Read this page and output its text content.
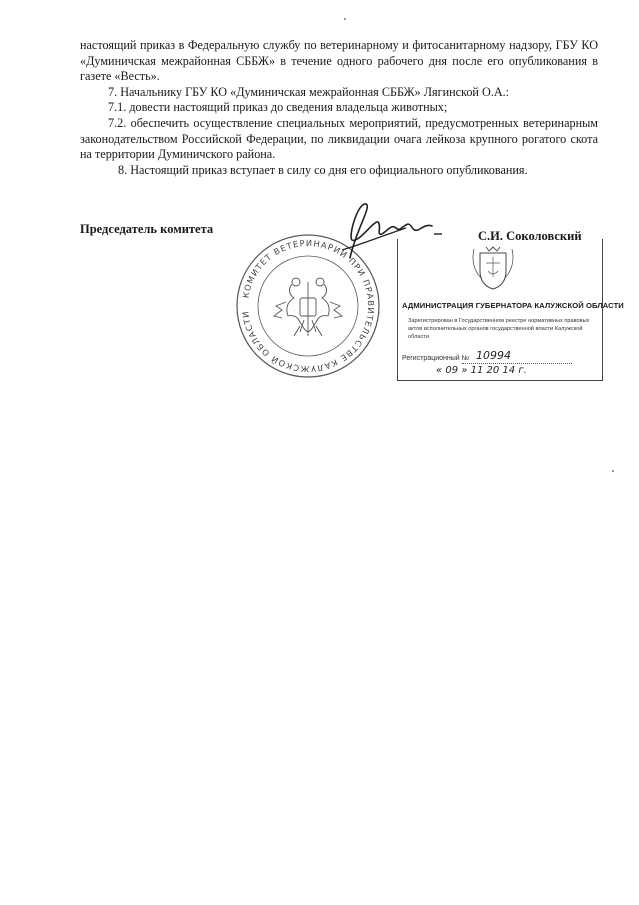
настоящий приказ в Федеральную службу по ветеринарному и фитосанитарному надзору, ГБУ КО «Думиничская межрайонная СББЖ» в течение одного рабочего дня после его опубликования в газете «Весть».

7. Начальнику ГБУ КО «Думиничская межрайонная СББЖ» Лягинской О.А.:

7.1. довести настоящий приказ до сведения владельца животных;

7.2. обеспечить осуществление специальных мероприятий, предусмотренных ветеринарным законодательством Российской Федерации, по ликвидации очага лейкоза крупного рогатого скота на территории Думиничского района.

8. Настоящий приказ вступает в силу со дня его официального опубликования.

Председатель комитета
КОМИТЕТ ВЕТЕРИНАРИИ ПРИ ПРАВИТЕЛЬСТВЕ КАЛУЖСКОЙ ОБЛАСТИ
С.И. Соколовский
АДМИНИСТРАЦИЯ ГУБЕРНАТОРА КАЛУЖСКОЙ ОБЛАСТИ
Зарегистрирован в Государственном реестре нормативных правовых актов исполнительных органов государственной власти Калужской области
Регистрационный № 10994
« 09 » 11 20 14 г.
